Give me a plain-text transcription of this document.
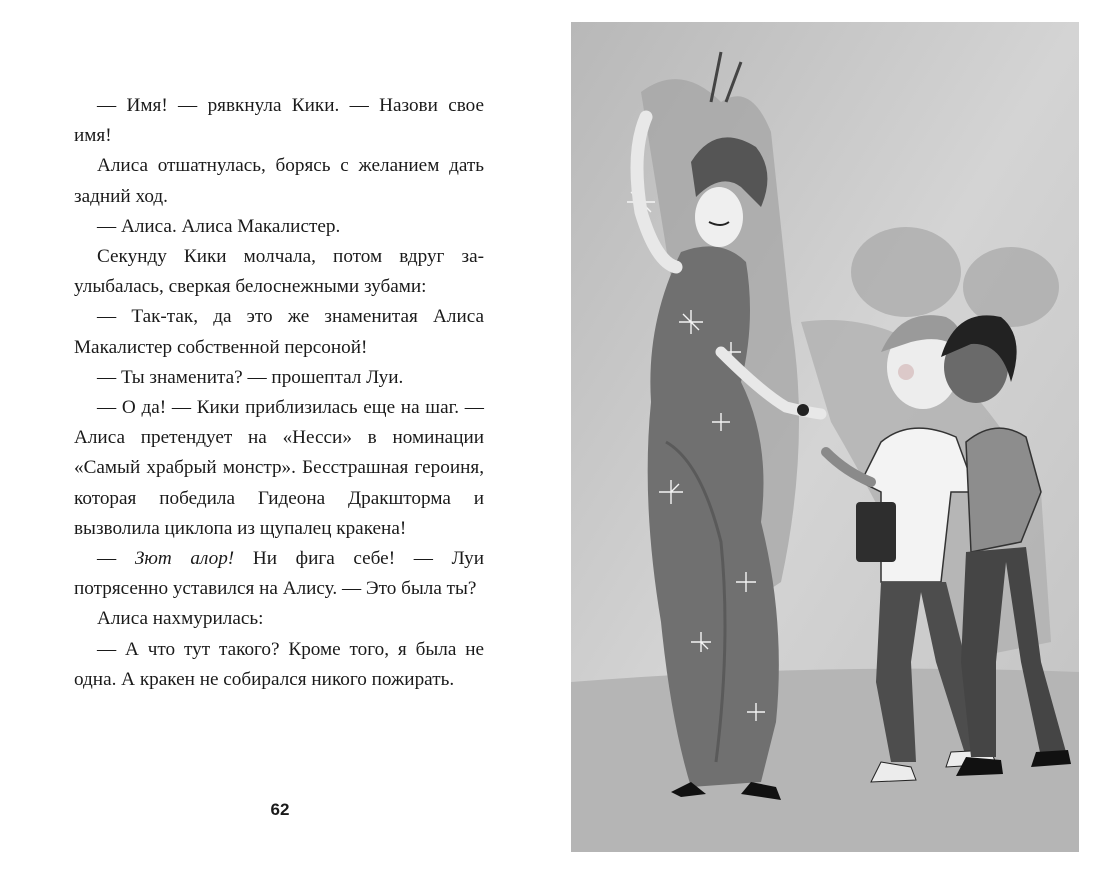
— Имя! — рявкнула Кики. — Назови свое имя!

Алиса отшатнулась, борясь с желанием дать задний ход.

— Алиса. Алиса Макалистер.

Секунду Кики молчала, потом вдруг заулыбалась, сверкая белоснежными зубами:

— Так-так, да это же знаменитая Алиса Макалистер собственной персоной!

— Ты знаменита? — прошептал Луи.

— О да! — Кики приблизилась еще на шаг. — Алиса претендует на «Несси» в номинации «Самый храбрый монстр». Бесстрашная героиня, которая победила Гидеона Дракшторма и вызволила циклопа из щупалец кракена!

— Зют алор! Ни фига себе! — Луи потрясенно уставился на Алису. — Это была ты?

Алиса нахмурилась:

— А что тут такого? Кроме того, я была не одна. А кракен не собирался никого пожирать.

62
